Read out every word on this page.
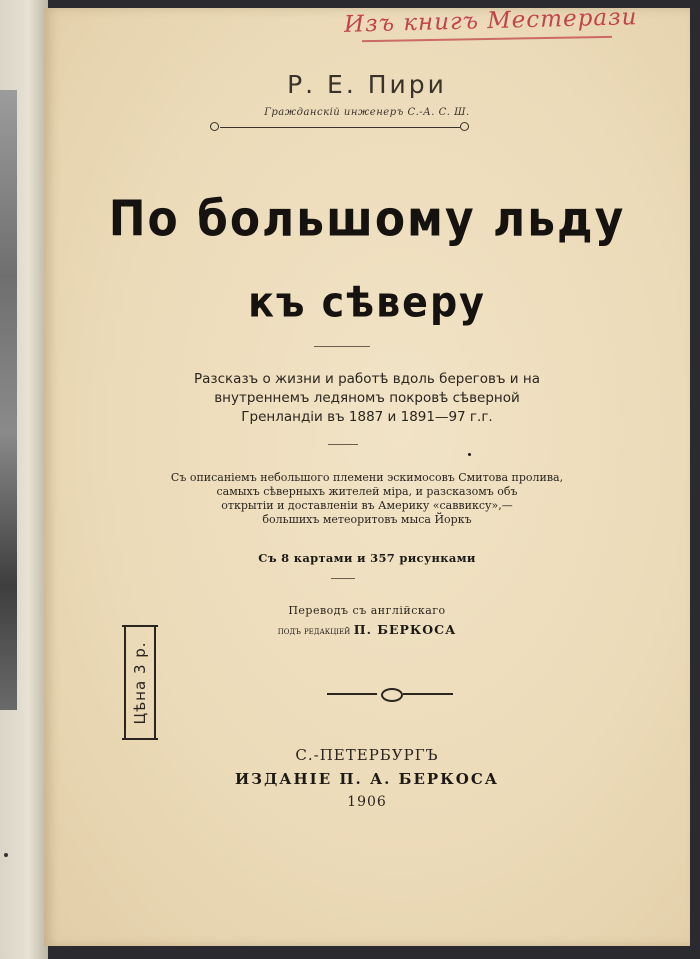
Изъ книгъ Местерази
Р. Е. Пири
Гражданскiй инженеръ С.-А. С. Ш.
По большому льду
къ сѣверу
Разсказъ о жизни и работѣ вдоль береговъ и на
внутреннемъ ледяномъ покровѣ сѣверной
Гренландiи въ 1887 и 1891—97 г.г.
Съ описанiемъ небольшого племени эскимосовъ Смитова пролива,
самыхъ сѣверныхъ жителей мiра, и разсказомъ объ
открытiи и доставленiи въ Америку «саввиксу»,—
большихъ метеоритовъ мыса Йоркъ
Съ 8 картами и 357 рисунками
Переводъ съ англiйскаго
подъ редакцiей П. БЕРКОСА
Цѣна 3 р.
С.-ПЕТЕРБУРГЪ
ИЗДАНIЕ П. А. БЕРКОСА
1906
